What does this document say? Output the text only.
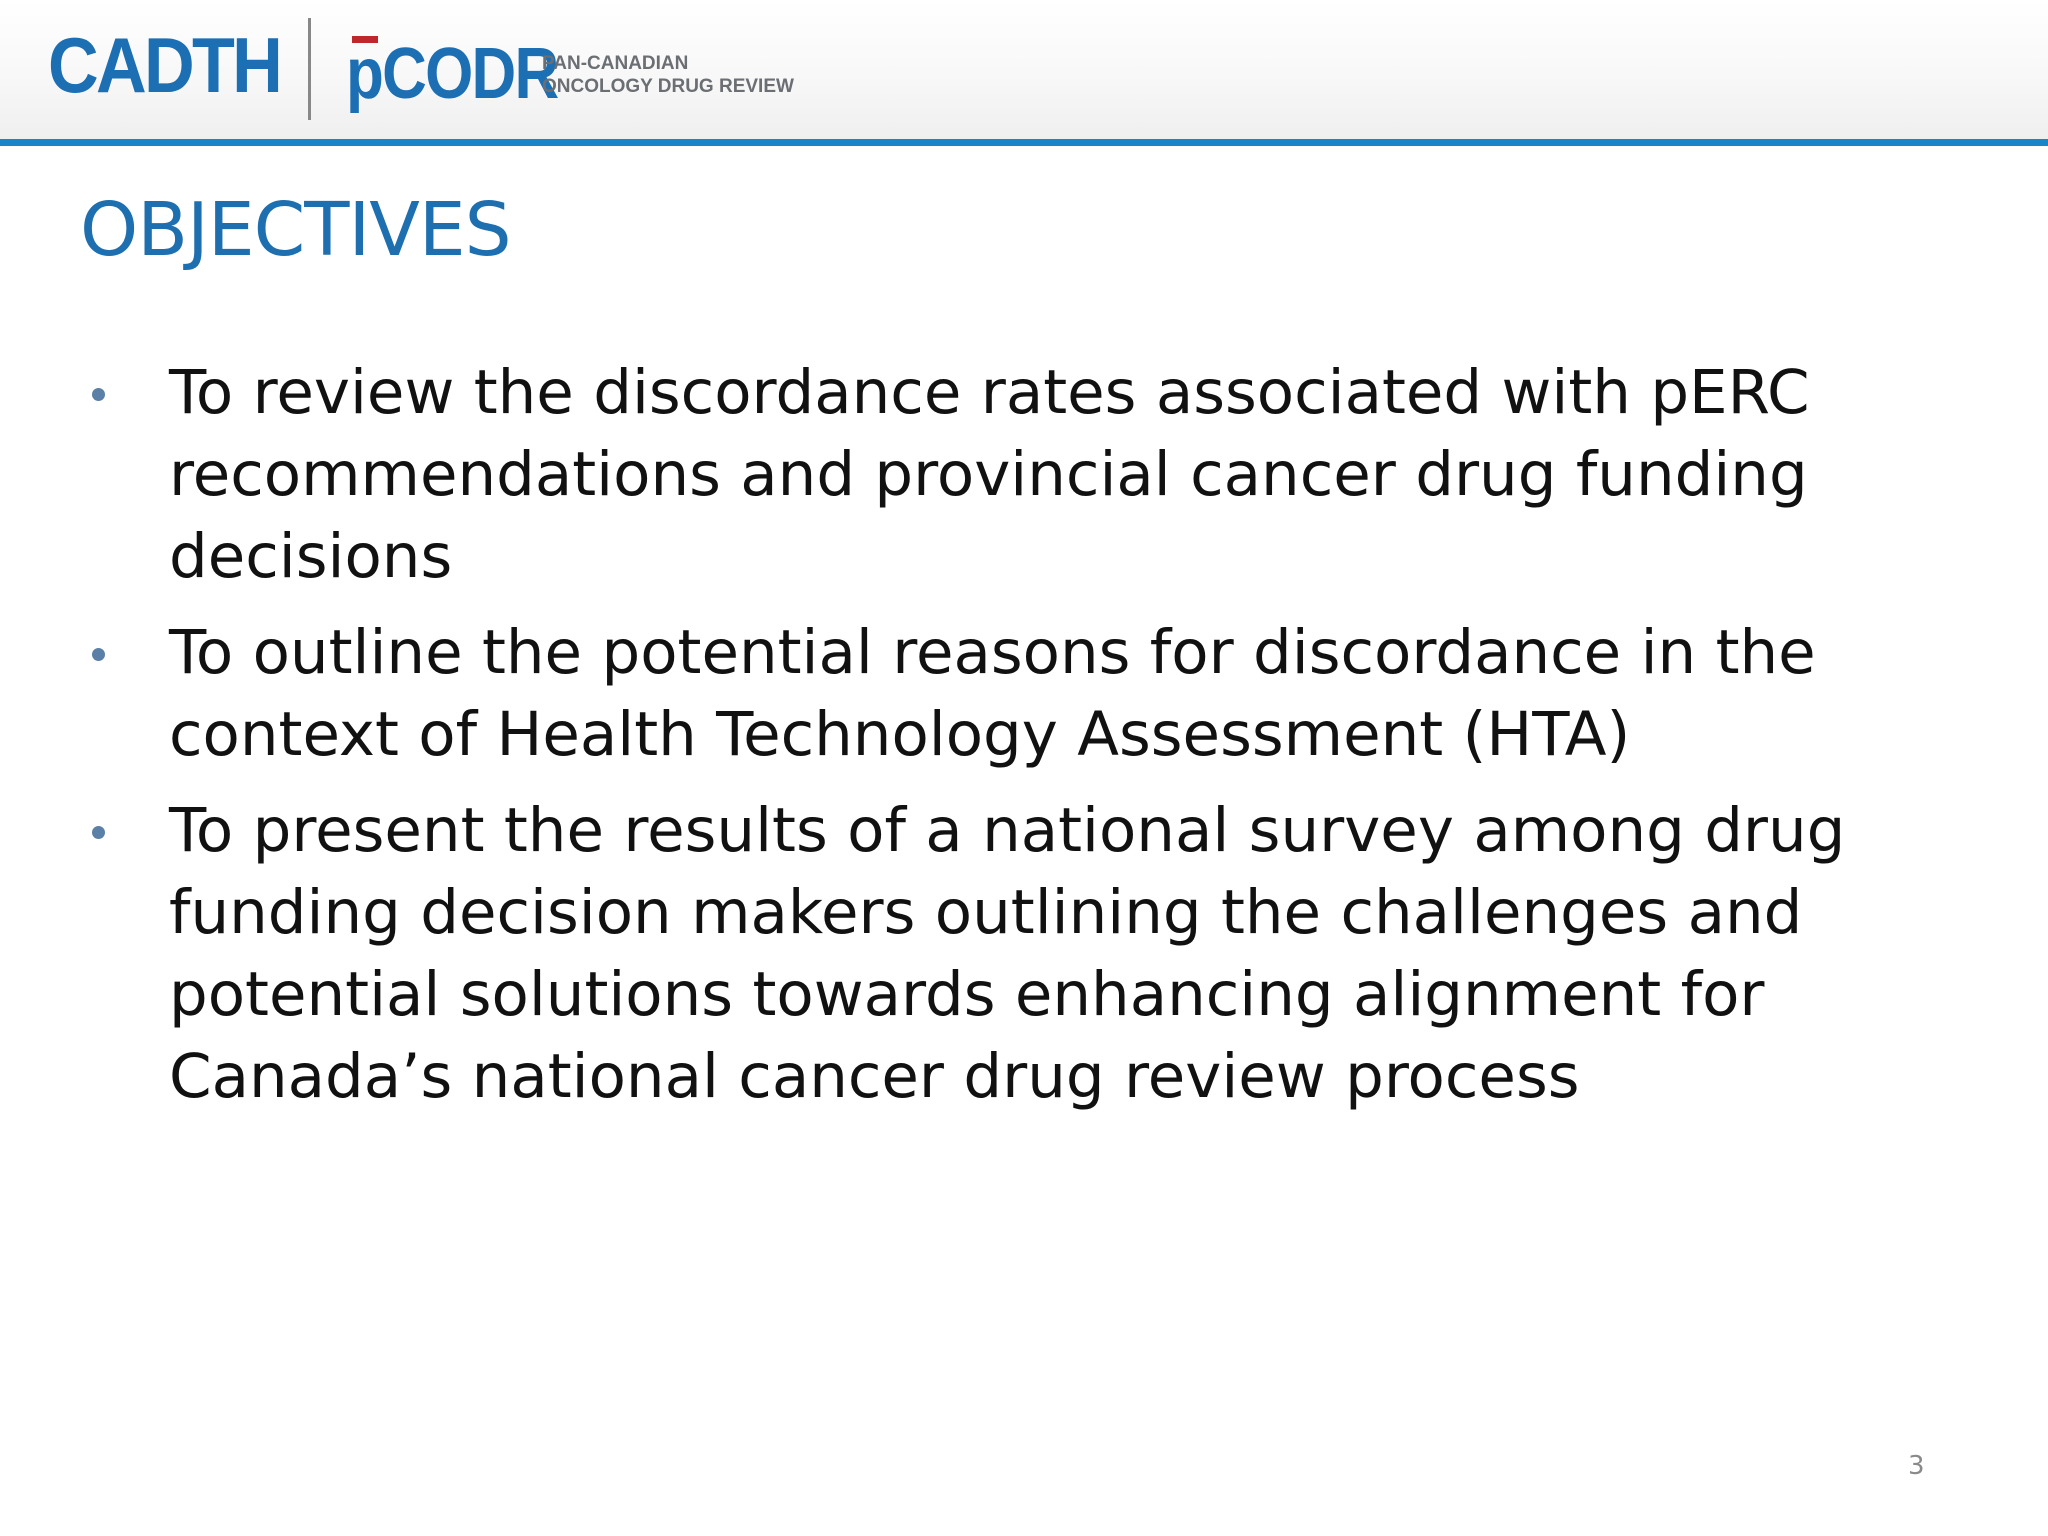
CADTH pCODR
PAN-CANADIAN
ONCOLOGY DRUG REVIEW
OBJECTIVES
To review the discordance rates associated with pERC recommendations and provincial cancer drug funding decisions
To outline the potential reasons for discordance in the context of Health Technology Assessment (HTA)
To present the results of a national survey among drug funding decision makers outlining the challenges and potential solutions towards enhancing alignment for Canada’s national cancer drug review process
3
